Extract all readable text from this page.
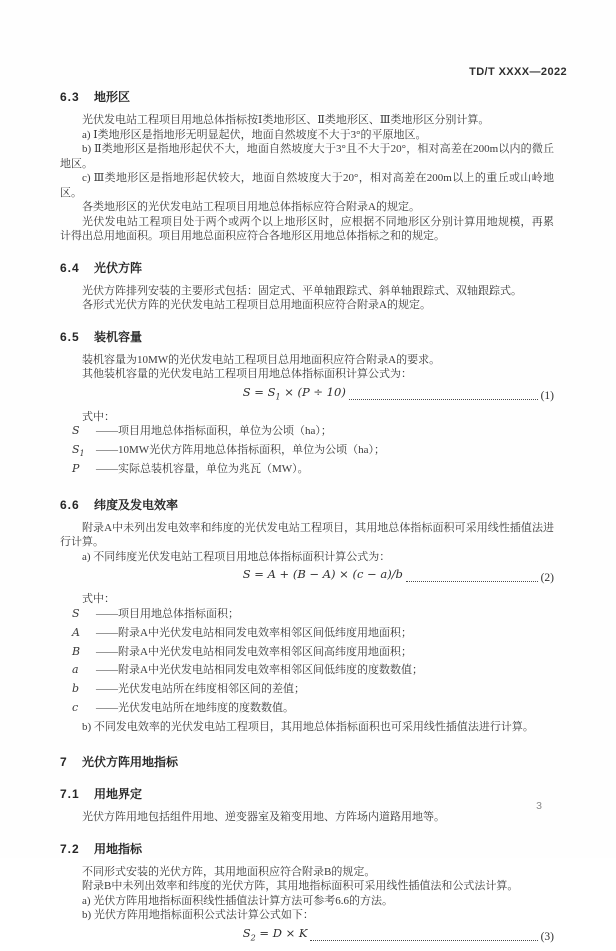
TD/T XXXX—2022
6.3 地形区

光伏发电站工程项目用地总体指标按Ⅰ类地形区、Ⅱ类地形区、Ⅲ类地形区分别计算。

a) Ⅰ类地形区是指地形无明显起伏，地面自然坡度不大于3°的平原地区。

b) Ⅱ类地形区是指地形起伏不大，地面自然坡度大于3°且不大于20°，相对高差在200m以内的微丘地区。

c) Ⅲ类地形区是指地形起伏较大，地面自然坡度大于20°，相对高差在200m以上的重丘或山岭地区。

各类地形区的光伏发电站工程项目用地总体指标应符合附录A的规定。

光伏发电站工程项目处于两个或两个以上地形区时，应根据不同地形区分别计算用地规模，再累计得出总用地面积。项目用地总面积应符合各地形区用地总体指标之和的规定。

6.4 光伏方阵

光伏方阵排列安装的主要形式包括：固定式、平单轴跟踪式、斜单轴跟踪式、双轴跟踪式。

各形式光伏方阵的光伏发电站工程项目总用地面积应符合附录A的规定。

6.5 装机容量

装机容量为10MW的光伏发电站工程项目总用地面积应符合附录A的要求。

其他装机容量的光伏发电站工程项目用地总体指标面积计算公式为：

$S = S_1 \times (P \div 10)$	(1)

式中：

S	——项目用地总体指标面积，单位为公顷（ha）；
$S_1$	——10MW光伏方阵用地总体指标面积，单位为公顷（ha）；
P	——实际总装机容量，单位为兆瓦（MW）。
6.6 纬度及发电效率

附录A中未列出发电效率和纬度的光伏发电站工程项目，其用地总体指标面积可采用线性插值法进行计算。

a) 不同纬度光伏发电站工程项目用地总体指标面积计算公式为：

S = A + (B − A) × (c − a)/b	(2)

式中：

S	——项目用地总体指标面积；
A	——附录A中光伏发电站相同发电效率相邻区间低纬度用地面积；
B	——附录A中光伏发电站相同发电效率相邻区间高纬度用地面积；
a	——附录A中光伏发电站相同发电效率相邻区间低纬度的度数数值；
b	——光伏发电站所在纬度相邻区间的差值；
c	——光伏发电站所在地纬度的度数数值。

b) 不同发电效率的光伏发电站工程项目，其用地总体指标面积也可采用线性插值法进行计算。

7 光伏方阵用地指标
7.1 用地界定

光伏方阵用地包括组件用地、逆变器室及箱变用地、方阵场内道路用地等。

7.2 用地指标

不同形式安装的光伏方阵，其用地面积应符合附录B的规定。

附录B中未列出效率和纬度的光伏方阵，其用地指标面积可采用线性插值法和公式法计算。

a) 光伏方阵用地指标面积线性插值法计算方法可参考6.6的方法。

b) 光伏方阵用地指标面积公式法计算公式如下：

$S_2 = D \times K$	(3)
3
